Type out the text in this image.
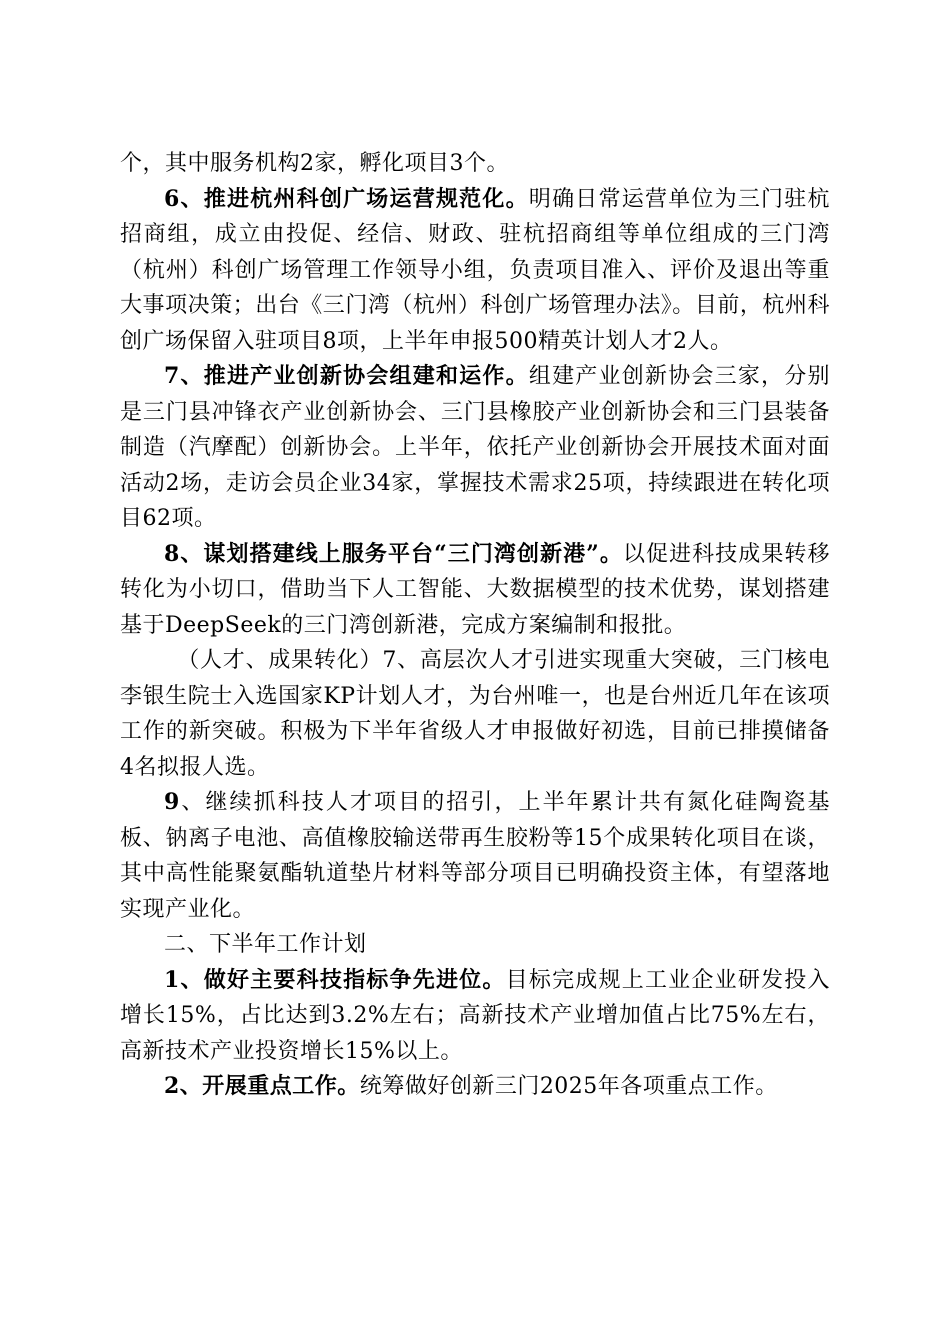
个，其中服务机构2家，孵化项目3个。

6、推进杭州科创广场运营规范化。明确日常运营单位为三门驻杭招商组，成立由投促、经信、财政、驻杭招商组等单位组成的三门湾（杭州）科创广场管理工作领导小组，负责项目准入、评价及退出等重大事项决策；出台《三门湾（杭州）科创广场管理办法》。目前，杭州科创广场保留入驻项目8项，上半年申报500精英计划人才2人。

7、推进产业创新协会组建和运作。组建产业创新协会三家，分别是三门县冲锋衣产业创新协会、三门县橡胶产业创新协会和三门县装备制造（汽摩配）创新协会。上半年，依托产业创新协会开展技术面对面活动2场，走访会员企业34家，掌握技术需求25项，持续跟进在转化项目62项。

8、谋划搭建线上服务平台“三门湾创新港”。以促进科技成果转移转化为小切口，借助当下人工智能、大数据模型的技术优势，谋划搭建基于DeepSeek的三门湾创新港，完成方案编制和报批。

（人才、成果转化）7、高层次人才引进实现重大突破，三门核电李银生院士入选国家KP计划人才，为台州唯一，也是台州近几年在该项工作的新突破。积极为下半年省级人才申报做好初选，目前已排摸储备4名拟报人选。

9、继续抓科技人才项目的招引，上半年累计共有氮化硅陶瓷基板、钠离子电池、高值橡胶输送带再生胶粉等15个成果转化项目在谈，其中高性能聚氨酯轨道垫片材料等部分项目已明确投资主体，有望落地实现产业化。

二、下半年工作计划

1、做好主要科技指标争先进位。目标完成规上工业企业研发投入增长15%，占比达到3.2%左右；高新技术产业增加值占比75%左右，高新技术产业投资增长15%以上。

2、开展重点工作。统筹做好创新三门2025年各项重点工作。
